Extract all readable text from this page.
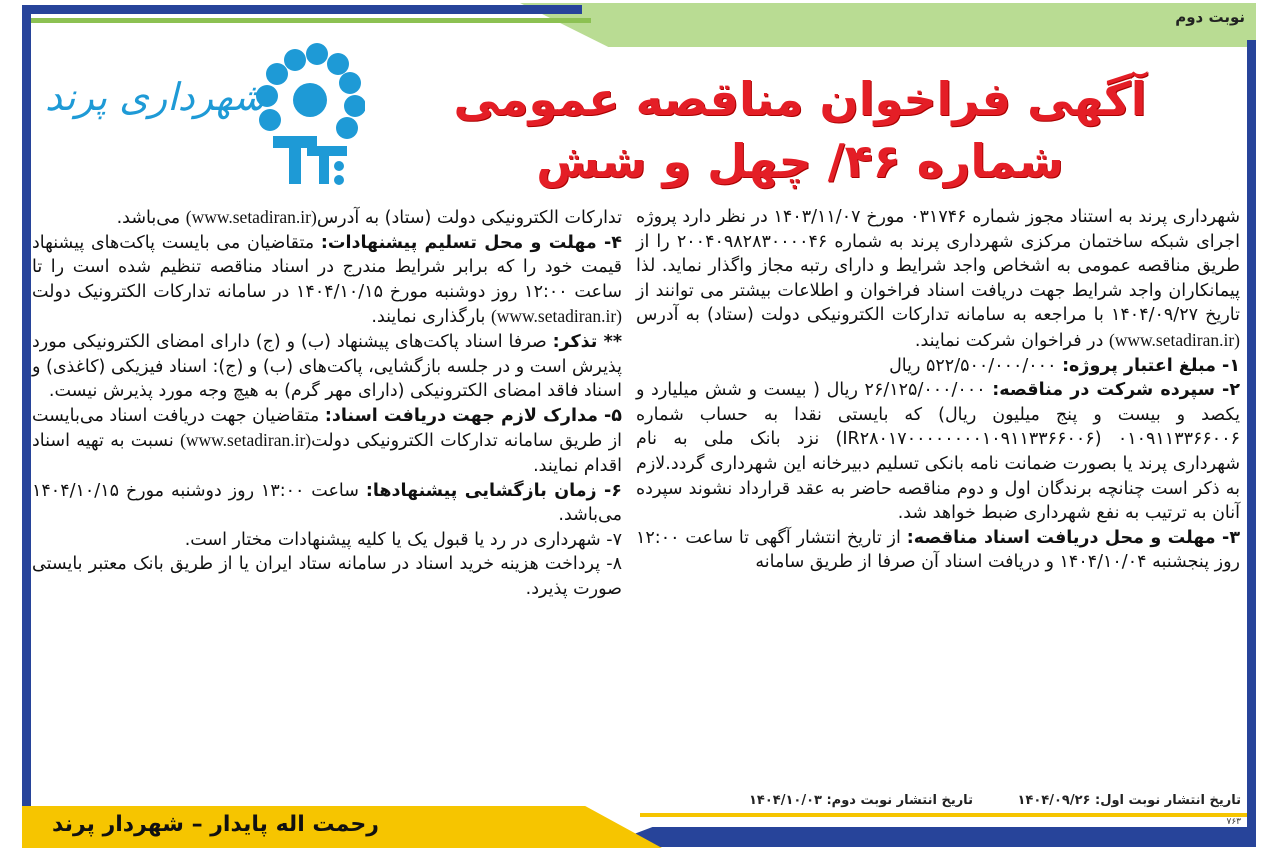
نوبت دوم
آگهی فراخوان مناقصه عمومی
شماره ۴۶/ چهل و شش
شهرداری پرند

شهرداری پرند به استناد مجوز شماره ۰۳۱۷۴۶ مورخ ۱۴۰۳/۱۱/۰۷ در نظر دارد پروژه اجرای شبکه ساختمان مرکزی شهرداری پرند به شماره ۲۰۰۴۰۹۸۲۸۳۰۰۰۰۴۶ را از طریق مناقصه عمومی به اشخاص واجد شرایط و دارای رتبه مجاز واگذار نماید. لذا پیمانکاران واجد شرایط جهت دریافت اسناد فراخوان و اطلاعات بیشتر می توانند از تاریخ ۱۴۰۴/۰۹/۲۷ با مراجعه به سامانه تدارکات الکترونیکی دولت (ستاد) به آدرس (www.setadiran.ir) در فراخوان شرکت نمایند.

۱- مبلغ اعتبار پروژه: ۵۲۲/۵۰۰/۰۰۰/۰۰۰ ریال

۲- سپرده شرکت در مناقصه: ۲۶/۱۲۵/۰۰۰/۰۰۰ ریال ( بیست و شش میلیارد و یکصد و بیست و پنج میلیون ریال) که بایستی نقدا به حساب شماره ۰۱۰۹۱۱۳۳۶۶۰۰۶ (IR۲۸۰۱۷۰۰۰۰۰۰۰۰۱۰۹۱۱۳۳۶۶۰۰۶) نزد بانک ملی به نام شهرداری پرند یا بصورت ضمانت نامه بانکی تسلیم دبیرخانه این شهرداری گردد.لازم به ذکر است چنانچه برندگان اول و دوم مناقصه حاضر به عقد قرارداد نشوند سپرده آنان به ترتیب به نفع شهرداری ضبط خواهد شد.

۳- مهلت و محل دریافت اسناد مناقصه: از تاریخ انتشار آگهی تا ساعت ۱۲:۰۰ روز پنجشنبه ۱۴۰۴/۱۰/۰۴ و دریافت اسناد آن صرفا از طریق سامانه

تدارکات الکترونیکی دولت (ستاد) به آدرس(www.setadiran.ir) می‌باشد.

۴- مهلت و محل تسلیم پیشنهادات: متقاضیان می بایست پاکت‌های پیشنهاد قیمت خود را که برابر شرایط مندرج در اسناد مناقصه تنظیم شده است را تا ساعت ۱۲:۰۰ روز دوشنبه مورخ ۱۴۰۴/۱۰/۱۵ در سامانه تدارکات الکترونیک دولت (www.setadiran.ir) بارگذاری نمایند.

** تذکر: صرفا اسناد پاکت‌های پیشنهاد (ب) و (ج) دارای امضای الکترونیکی مورد پذیرش است و در جلسه بازگشایی، پاکت‌های (ب) و (ج): اسناد فیزیکی (کاغذی) و اسناد فاقد امضای الکترونیکی (دارای مهر گرم) به هیچ وجه مورد پذیرش نیست.

۵- مدارک لازم جهت دریافت اسناد: متقاضیان جهت دریافت اسناد می‌بایست از طریق سامانه تدارکات الکترونیکی دولت(www.setadiran.ir) نسبت به تهیه اسناد اقدام نمایند.

۶- زمان بازگشایی پیشنهادها: ساعت ۱۳:۰۰ روز دوشنبه مورخ ۱۴۰۴/۱۰/۱۵ می‌باشد.

۷- شهرداری در رد یا قبول یک یا کلیه پیشنهادات مختار است.

۸- پرداخت هزینه خرید اسناد در سامانه ستاد ایران یا از طریق بانک معتبر بایستی صورت پذیرد.

تاریخ انتشار نوبت اول: ۱۴۰۴/۰۹/۲۶ تاریخ انتشار نوبت دوم: ۱۴۰۴/۱۰/۰۳
۷۶۳
رحمت اله پایدار – شهردار پرند
